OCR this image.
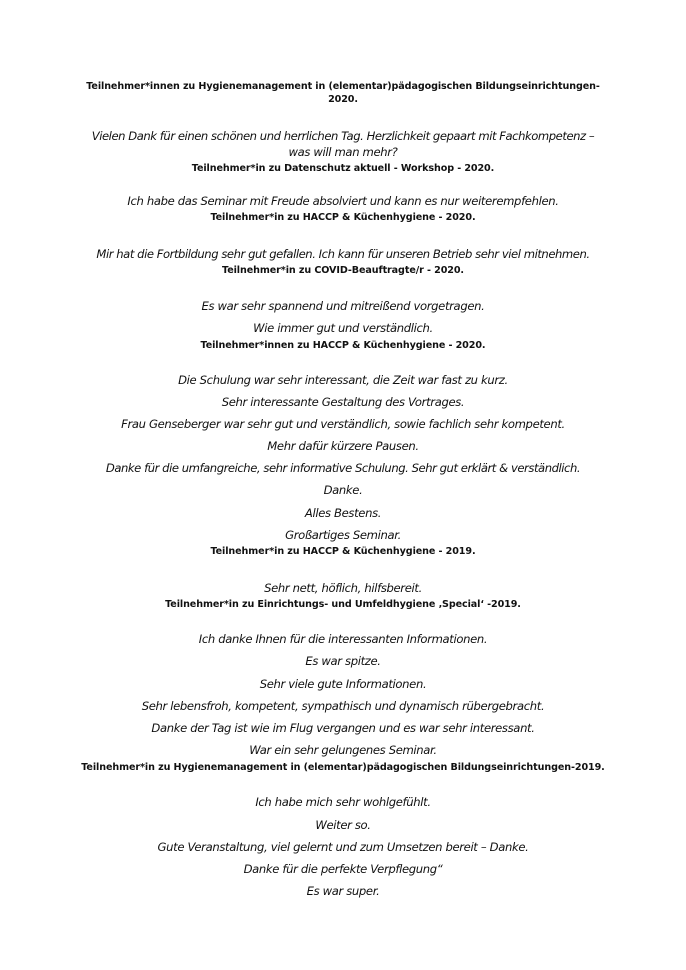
Teilnehmer*innen zu Hygienemanagement in (elementar)pädagogischen Bildungseinrichtungen-
2020.
Vielen Dank für einen schönen und herrlichen Tag. Herzlichkeit gepaart mit Fachkompetenz –
was will man mehr?
Teilnehmer*in zu Datenschutz aktuell - Workshop - 2020.
Ich habe das Seminar mit Freude absolviert und kann es nur weiterempfehlen.
Teilnehmer*in zu HACCP & Küchenhygiene - 2020.
Mir hat die Fortbildung sehr gut gefallen. Ich kann für unseren Betrieb sehr viel mitnehmen.
Teilnehmer*in zu COVID-Beauftragte/r - 2020.
Es war sehr spannend und mitreißend vorgetragen.
Wie immer gut und verständlich.
Teilnehmer*innen zu HACCP & Küchenhygiene - 2020.
Die Schulung war sehr interessant, die Zeit war fast zu kurz.
Sehr interessante Gestaltung des Vortrages.
Frau Genseberger war sehr gut und verständlich, sowie fachlich sehr kompetent.
Mehr dafür kürzere Pausen.
Danke für die umfangreiche, sehr informative Schulung. Sehr gut erklärt & verständlich.
Danke.
Alles Bestens.
Großartiges Seminar.
Teilnehmer*in zu HACCP & Küchenhygiene - 2019.
Sehr nett, höflich, hilfsbereit.
Teilnehmer*in zu Einrichtungs- und Umfeldhygiene ‚Special‘ -2019.
Ich danke Ihnen für die interessanten Informationen.
Es war spitze.
Sehr viele gute Informationen.
Sehr lebensfroh, kompetent, sympathisch und dynamisch rübergebracht.
Danke der Tag ist wie im Flug vergangen und es war sehr interessant.
War ein sehr gelungenes Seminar.
Teilnehmer*in zu Hygienemanagement in (elementar)pädagogischen Bildungseinrichtungen-2019.
Ich habe mich sehr wohlgefühlt.
Weiter so.
Gute Veranstaltung, viel gelernt und zum Umsetzen bereit – Danke.
Danke für die perfekte Verpflegung“
Es war super.
